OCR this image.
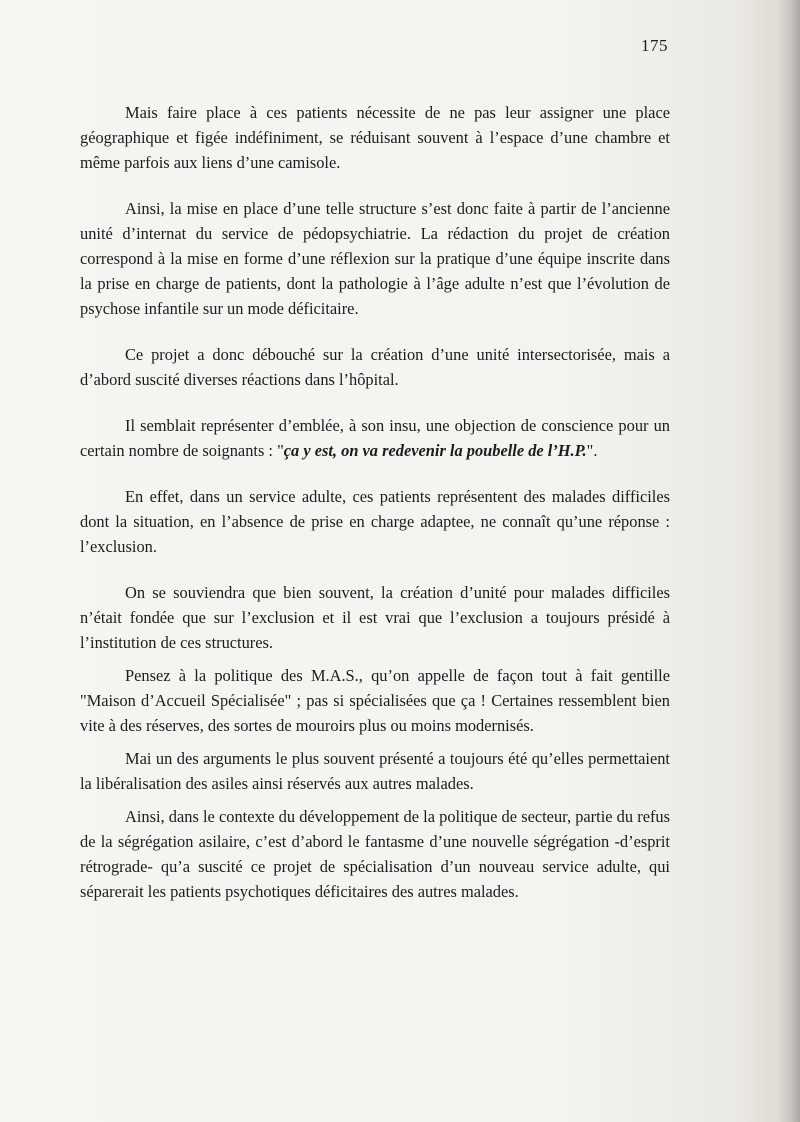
175

Mais faire place à ces patients nécessite de ne pas leur assigner une place géographique et figée indéfiniment, se réduisant souvent à l’espace d’une chambre et même parfois aux liens d’une camisole.

Ainsi, la mise en place d’une telle structure s’est donc faite à partir de l’ancienne unité d’internat du service de pédopsychiatrie. La rédaction du projet de création correspond à la mise en forme d’une réflexion sur la pratique d’une équipe inscrite dans la prise en charge de patients, dont la pathologie à l’âge adulte n’est que l’évolution de psychose infantile sur un mode déficitaire.

Ce projet a donc débouché sur la création d’une unité intersectorisée, mais a d’abord suscité diverses réactions dans l’hôpital.

Il semblait représenter d’emblée, à son insu, une objection de conscience pour un certain nombre de soignants : "ça y est, on va redevenir la poubelle de l’H.P.".

En effet, dans un service adulte, ces patients représentent des malades difficiles dont la situation, en l’absence de prise en charge adaptee, ne connaît qu’une réponse : l’exclusion.

On se souviendra que bien souvent, la création d’unité pour malades difficiles n’était fondée que sur l’exclusion et il est vrai que l’exclusion a toujours présidé à l’institution de ces structures.

Pensez à la politique des M.A.S., qu’on appelle de façon tout à fait gentille "Maison d’Accueil Spécialisée" ; pas si spécialisées que ça ! Certaines ressemblent bien vite à des réserves, des sortes de mouroirs plus ou moins modernisés.

Mai un des arguments le plus souvent présenté a toujours été qu’elles permettaient la libéralisation des asiles ainsi réservés aux autres malades.

Ainsi, dans le contexte du développement de la politique de secteur, partie du refus de la ségrégation asilaire, c’est d’abord le fantasme d’une nouvelle ségrégation -d’esprit rétrograde- qu’a suscité ce projet de spécialisation d’un nouveau service adulte, qui séparerait les patients psychotiques déficitaires des autres malades.
